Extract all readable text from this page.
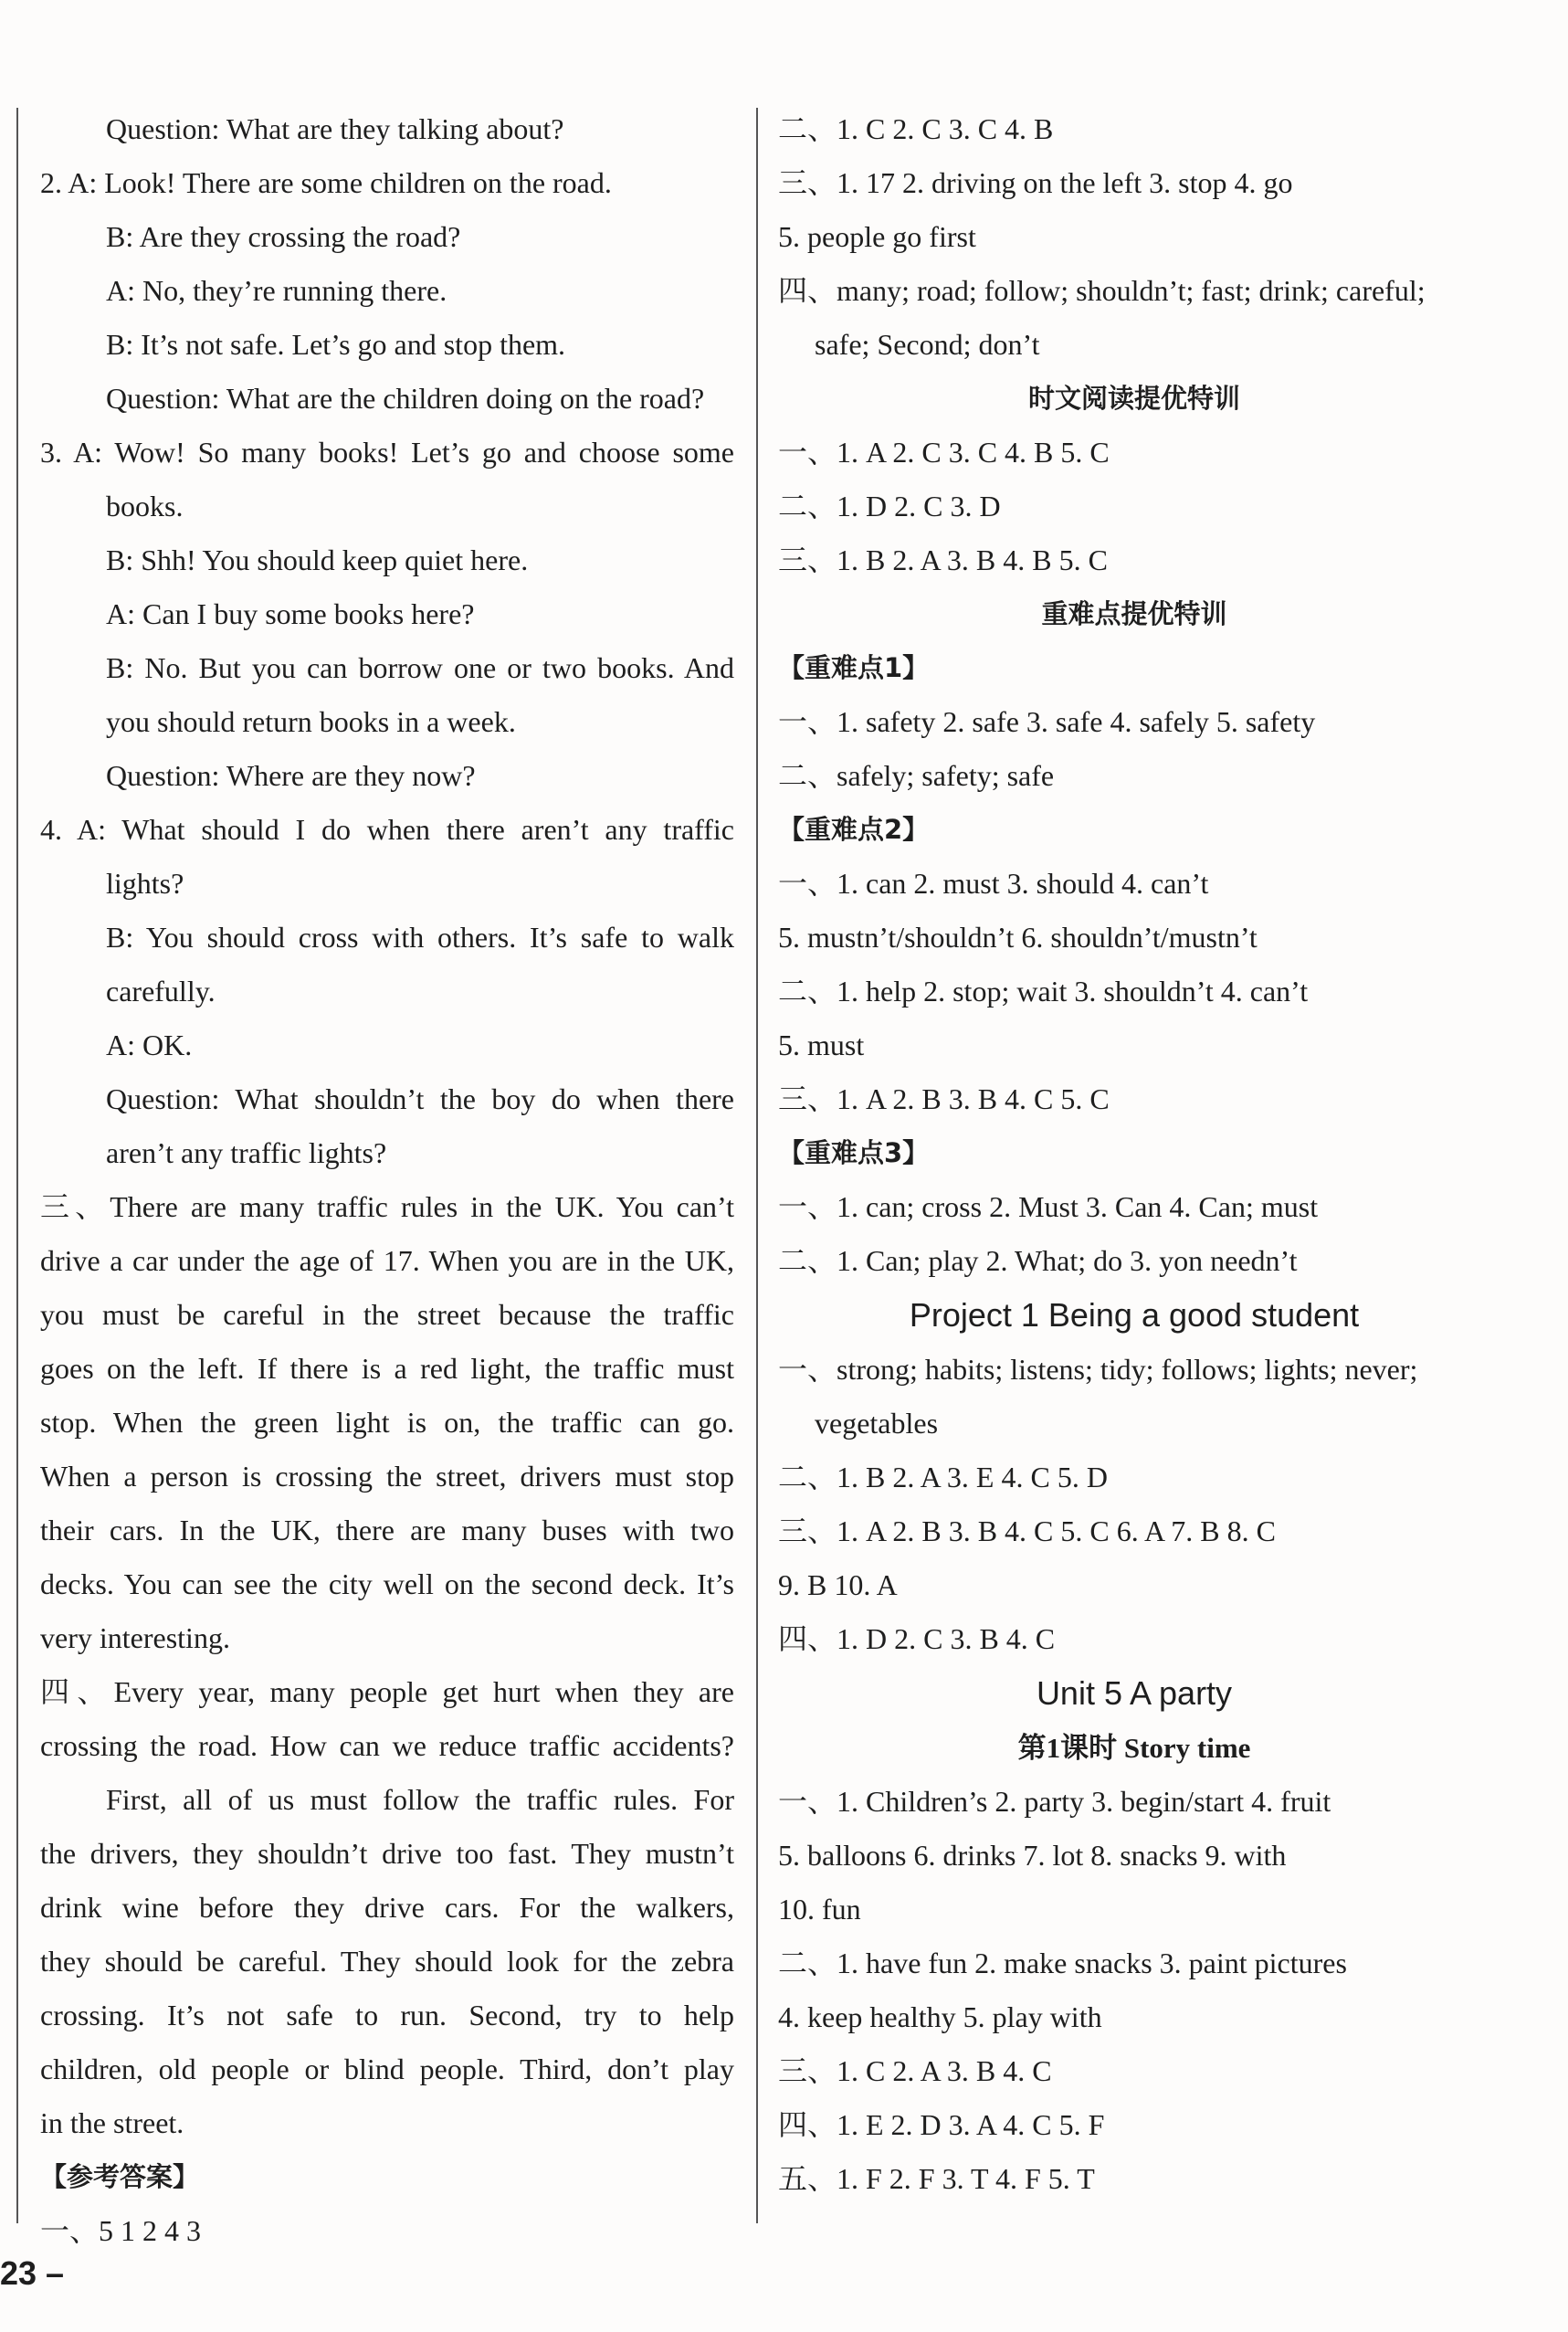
Question: What are they talking about?
2. A: Look! There are some children on the road.
B: Are they crossing the road?
A: No, they’re running there.
B: It’s not safe. Let’s go and stop them.
Question: What are the children doing on the road?
3. A: Wow! So many books! Let’s go and choose some
books.
B: Shh! You should keep quiet here.
A: Can I buy some books here?
B: No. But you can borrow one or two books. And
you should return books in a week.
Question: Where are they now?
4. A: What should I do when there aren’t any traffic
lights?
B: You should cross with others. It’s safe to walk
carefully.
A: OK.
Question: What shouldn’t the boy do when there
aren’t any traffic lights?
三、There are many traffic rules in the UK. You can’t
drive a car under the age of 17. When you are in the UK,
you must be careful in the street because the traffic
goes on the left. If there is a red light, the traffic must
stop. When the green light is on, the traffic can go.
When a person is crossing the street, drivers must stop
their cars. In the UK, there are many buses with two
decks. You can see the city well on the second deck. It’s
very interesting.
四、Every year, many people get hurt when they are
crossing the road. How can we reduce traffic accidents?
First, all of us must follow the traffic rules. For
the drivers, they shouldn’t drive too fast. They mustn’t
drink wine before they drive cars. For the walkers,
they should be careful. They should look for the zebra
crossing. It’s not safe to run. Second, try to help
children, old people or blind people. Third, don’t play
in the street.
【参考答案】
一、5 1 2 4 3
二、1. C 2. C 3. C 4. B
三、1. 17 2. driving on the left 3. stop 4. go
5. people go first
四、many; road; follow; shouldn’t; fast; drink; careful;
safe; Second; don’t
时文阅读提优特训
一、1. A 2. C 3. C 4. B 5. C
二、1. D 2. C 3. D
三、1. B 2. A 3. B 4. B 5. C
重难点提优特训
【重难点1】
一、1. safety 2. safe 3. safe 4. safely 5. safety
二、safely; safety; safe
【重难点2】
一、1. can 2. must 3. should 4. can’t
5. mustn’t/shouldn’t 6. shouldn’t/mustn’t
二、1. help 2. stop; wait 3. shouldn’t 4. can’t
5. must
三、1. A 2. B 3. B 4. C 5. C
【重难点3】
一、1. can; cross 2. Must 3. Can 4. Can; must
二、1. Can; play 2. What; do 3. yon needn’t
Project 1 Being a good student
一、strong; habits; listens; tidy; follows; lights; never;
vegetables
二、1. B 2. A 3. E 4. C 5. D
三、1. A 2. B 3. B 4. C 5. C 6. A 7. B 8. C
9. B 10. A
四、1. D 2. C 3. B 4. C
Unit 5 A party
第1课时 Story time
一、1. Children’s 2. party 3. begin/start 4. fruit
5. balloons 6. drinks 7. lot 8. snacks 9. with
10. fun
二、1. have fun 2. make snacks 3. paint pictures
4. keep healthy 5. play with
三、1. C 2. A 3. B 4. C
四、1. E 2. D 3. A 4. C 5. F
五、1. F 2. F 3. T 4. F 5. T
23 –
